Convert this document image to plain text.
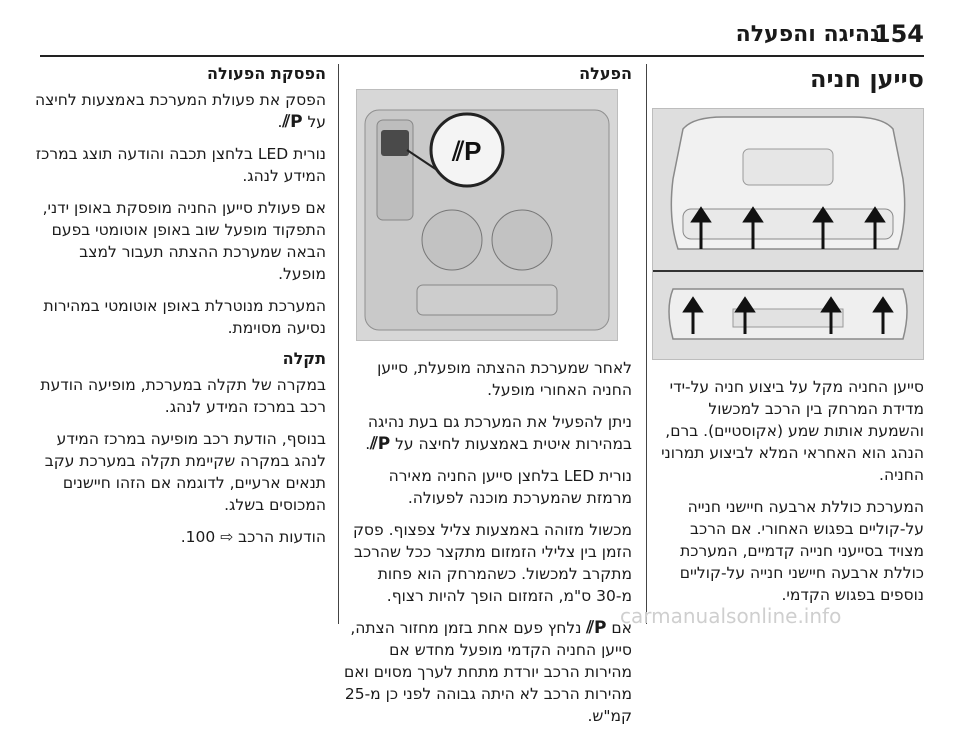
154
נהיגה והפעלה

סייען חניה

סייען החניה מקל על ביצוע חניה על-ידי מדידת המרחק בין הרכב למכשול והשמעת אותות שמע (אקוסטיים). ברם, הנהג הוא האחראי המלא לביצוע תמרוני החניה.

המערכת כוללת ארבעה חיישני חנייה על-קוליים בפגוש האחורי. אם הרכב מצויד בסייעני חנייה קדמיים, המערכת כוללת ארבעה חיישני חנייה על-קוליים נוספים בפגוש הקדמי.

הפעלה
P⫽

לאחר שמערכת ההצתה מופעלת, סייען החניה האחורי מופעל.

ניתן להפעיל את המערכת גם בעת נהיגה במהירות איטית באמצעות לחיצה על P⫽.

נורית LED בלחצן סייען החניה מאירה מרמזת שהמערכת מוכנה לפעולה.

מכשול מזוהה באמצעות צליל צפצוף. פסק הזמן בין צלילי הזמזום מתקצר ככל שהרכב מתקרב למכשול. כשהמרחק הוא פחות מ-30 ס"מ, הזמזום הופך להיות רצוף.

אם P⫽ נלחץ פעם אחת בזמן מחזור הצתה, סייען החניה הקדמי מופעל מחדש אם מהירות הרכב יורדת מתחת לערך מסוים ואם מהירות הרכב לא היתה גבוהה לפני כן מ-25 קמ"ש.

הפסקת הפעולה

הפסק את פעולת המערכת באמצעות לחיצה על P⫽.

נורית LED בלחצן תכבה והודעה תוצג במרכז המידע לנהג.

אם פעולת סייען החניה מופסקת באופן ידני, התפקוד מופעל שוב באופן אוטומטי בפעם הבאה שמערכת ההצתה תעבור למצב מופעל.

המערכת מנוטרלת באופן אוטומטי במהירות נסיעה מסוימת.

תקלה

במקרה של תקלה במערכת, מופיעה הודעת רכב במרכז המידע לנהג.

בנוסף, הודעת רכב מופיעה במרכז המידע לנהג במקרה שקיימת תקלה במערכת עקב תנאים ארעיים, לדוגמה אם הזהו חיישנים המכוסים בשלג.

הודעות הרכב ⇨ 100.

carmanualsonline.info
